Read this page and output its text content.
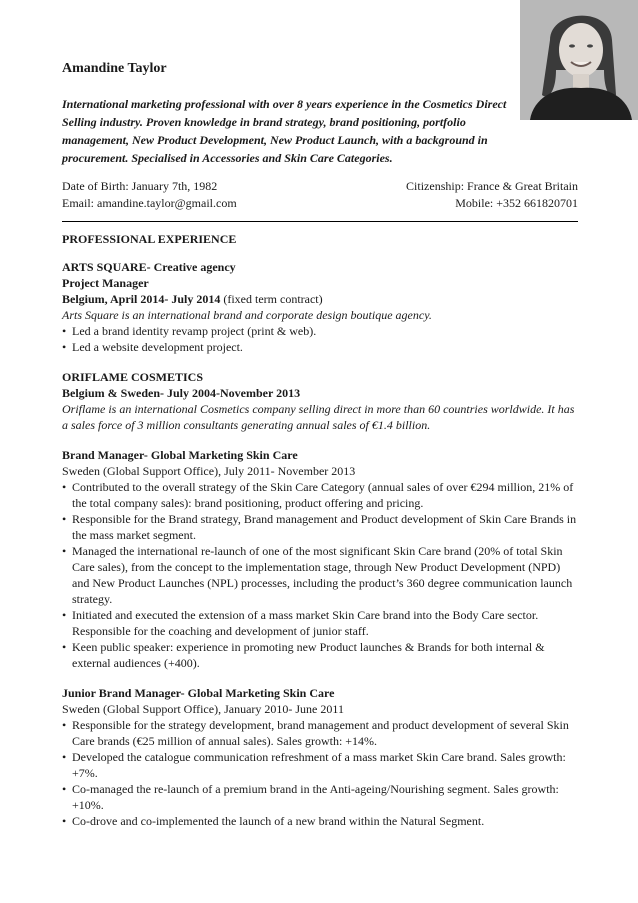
Amandine Taylor
International marketing professional with over 8 years experience in the Cosmetics Direct Selling industry. Proven knowledge in brand strategy, brand positioning, portfolio management, New Product Development, New Product Launch, with a background in procurement. Specialised in Accessories and Skin Care Categories.
Date of Birth: January 7th, 1982	Citizenship: France & Great Britain
Email: amandine.taylor@gmail.com	Mobile: +352 661820701
PROFESSIONAL EXPERIENCE
ARTS SQUARE- Creative agency
Project Manager
Belgium, April 2014- July 2014 (fixed term contract)
Arts Square is an international brand and corporate design boutique agency.
• Led a brand identity revamp project (print & web).
• Led a website development project.
ORIFLAME COSMETICS
Belgium & Sweden- July 2004-November 2013
Oriflame is an international Cosmetics company selling direct in more than 60 countries worldwide. It has a sales force of 3 million consultants generating annual sales of €1.4 billion.
Brand Manager- Global Marketing Skin Care
Sweden (Global Support Office), July 2011- November 2013
• Contributed to the overall strategy of the Skin Care Category (annual sales of over €294 million, 21% of the total company sales): brand positioning, product offering and pricing.
• Responsible for the Brand strategy, Brand management and Product development of Skin Care Brands in the mass market segment.
• Managed the international re-launch of one of the most significant Skin Care brand (20% of total Skin Care sales), from the concept to the implementation stage, through New Product Development (NPD) and New Product Launches (NPL) processes, including the product’s 360 degree communication launch strategy.
• Initiated and executed the extension of a mass market Skin Care brand into the Body Care sector. Responsible for the coaching and development of junior staff.
• Keen public speaker: experience in promoting new Product launches & Brands for both internal & external audiences (+400).
Junior Brand Manager- Global Marketing Skin Care
Sweden (Global Support Office), January 2010- June 2011
• Responsible for the strategy development, brand management and product development of several Skin Care brands (€25 million of annual sales). Sales growth: +14%.
• Developed the catalogue communication refreshment of a mass market Skin Care brand. Sales growth: +7%.
• Co-managed the re-launch of a premium brand in the Anti-ageing/Nourishing segment. Sales growth: +10%.
• Co-drove and co-implemented the launch of a new brand within the Natural Segment.
